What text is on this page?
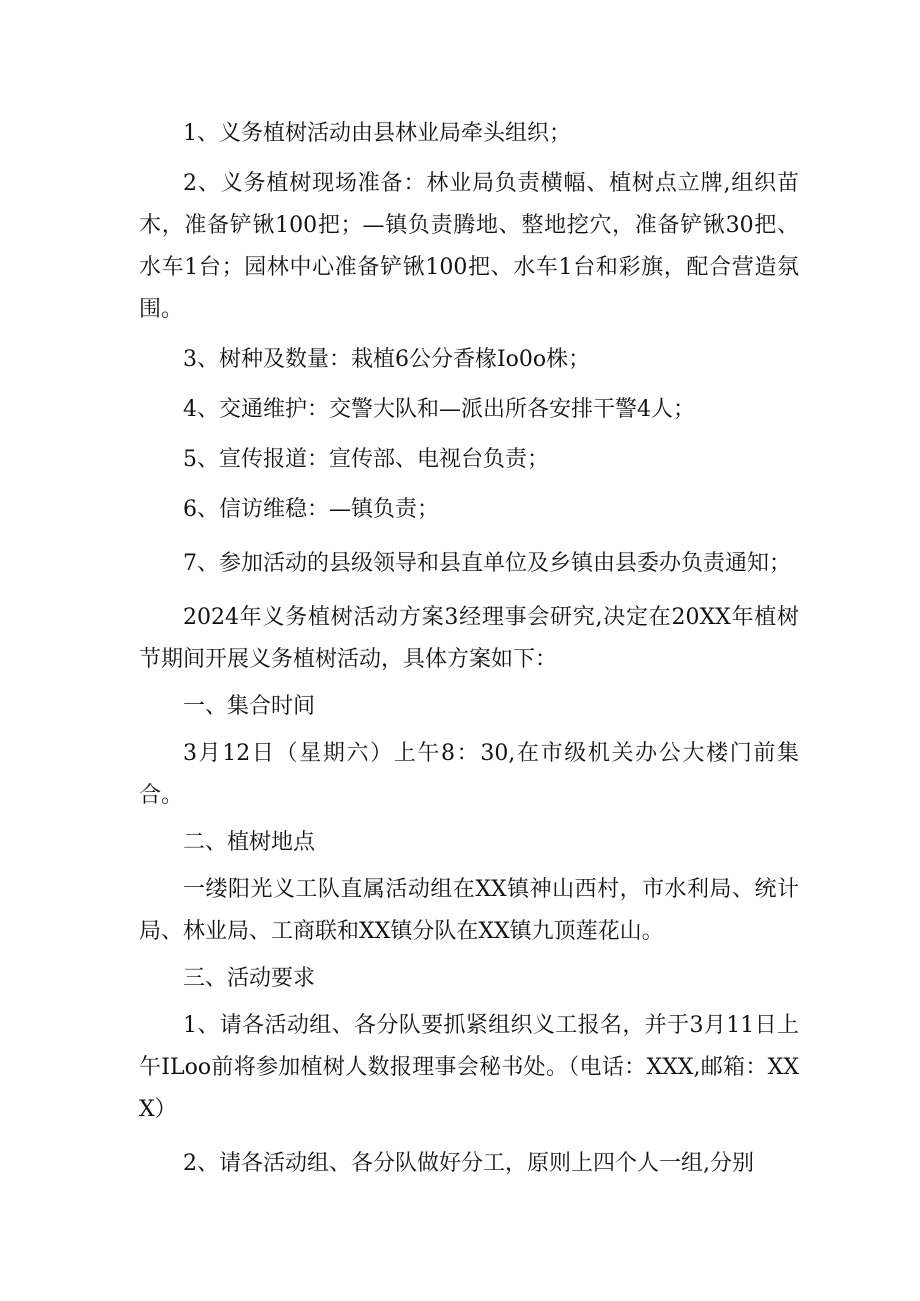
1、义务植树活动由县林业局牵头组织；

2、义务植树现场准备：林业局负责横幅、植树点立牌,组织苗木，准备铲锹100把；—镇负责腾地、整地挖穴，准备铲锹30把、水车1台；园林中心准备铲锹100把、水车1台和彩旗，配合营造氛围。

3、树种及数量：栽植6公分香椽Io0o株；

4、交通维护：交警大队和—派出所各安排干警4人；

5、宣传报道：宣传部、电视台负责；

6、信访维稳：—镇负责；

7、参加活动的县级领导和县直单位及乡镇由县委办负责通知；

2024年义务植树活动方案3经理事会研究,决定在20XX年植树节期间开展义务植树活动，具体方案如下：

一、集合时间

3月12日（星期六）上午8：30,在市级机关办公大楼门前集合。

二、植树地点

一缕阳光义工队直属活动组在XX镇神山西村，市水利局、统计局、林业局、工商联和XX镇分队在XX镇九顶莲花山。

三、活动要求

1、请各活动组、各分队要抓紧组织义工报名，并于3月11日上午ILoo前将参加植树人数报理事会秘书处。（电话：XXX,邮箱：XXX）

2、请各活动组、各分队做好分工，原则上四个人一组,分别
